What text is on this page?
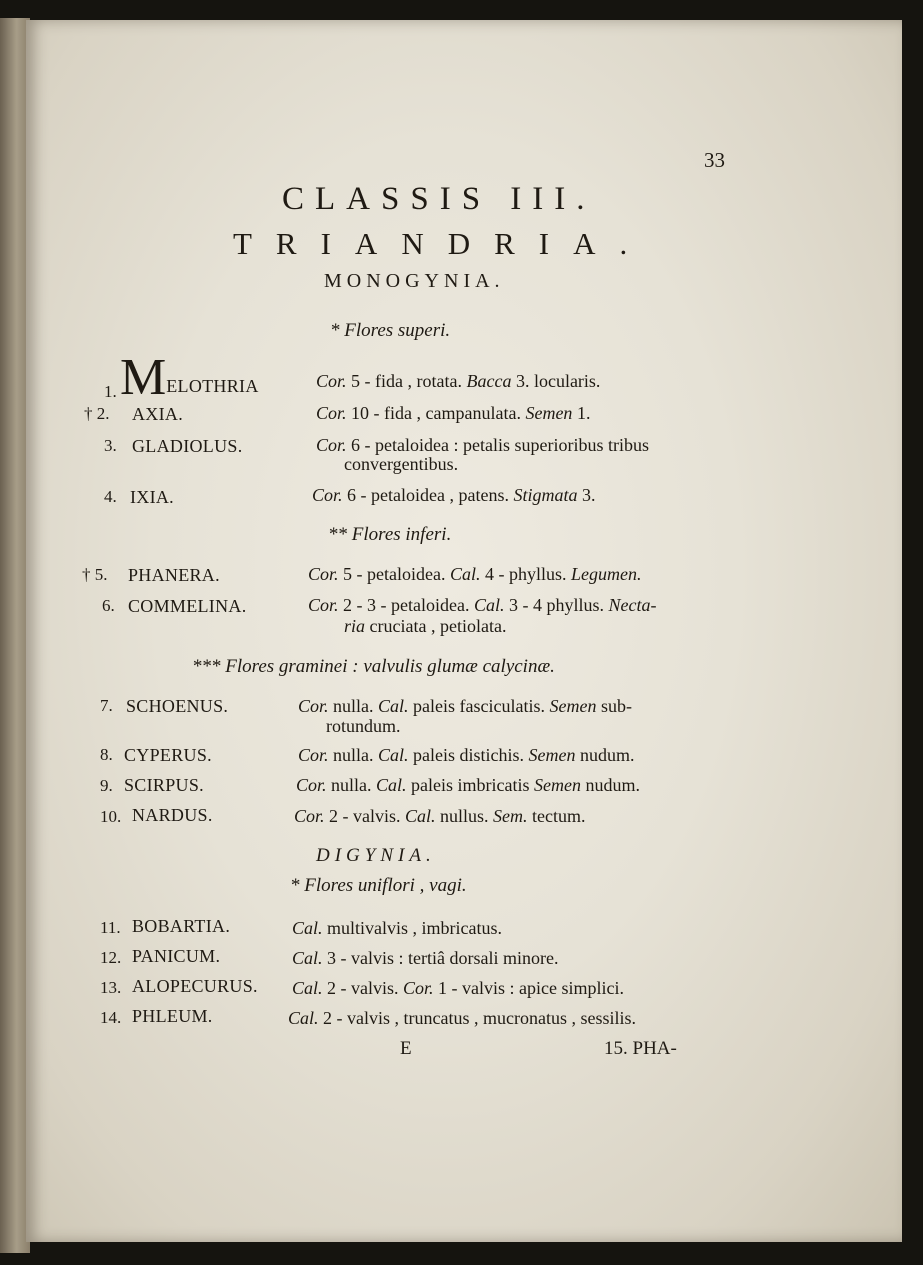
33
CLASSIS III.
TRIANDRIA.
MONOGYNIA.
* Flores superi.
1. MELOTHRIA	Cor. 5 - fida , rotata. Bacca 3. locularis.
† 2. AXIA.	Cor. 10 - fida , campanulata. Semen 1.
3. GLADIOLUS.	Cor. 6 - petaloidea : petalis superioribus tribus
convergentibus.
4. IXIA.	Cor. 6 - petaloidea , patens. Stigmata 3.
** Flores inferi.
† 5. PHANERA.	Cor. 5 - petaloidea. Cal. 4 - phyllus. Legumen.
6. COMMELINA.	Cor. 2 - 3 - petaloidea. Cal. 3 - 4 phyllus. Necta-
ria cruciata , petiolata.
*** Flores graminei : valvulis glumæ calycinæ.
7. SCHOENUS.	Cor. nulla. Cal. paleis fasciculatis. Semen sub-
rotundum.
8. CYPERUS.	Cor. nulla. Cal. paleis distichis. Semen nudum.
9. SCIRPUS.	Cor. nulla. Cal. paleis imbricatis Semen nudum.
10. NARDUS.	Cor. 2 - valvis. Cal. nullus. Sem. tectum.
DIGYNIA.
* Flores uniflori , vagi.
11. BOBARTIA.	Cal. multivalvis , imbricatus.
12. PANICUM.	Cal. 3 - valvis : tertiâ dorsali minore.
13. ALOPECURUS. Cal. 2 - valvis. Cor. 1 - valvis : apice simplici.
14. PHLEUM.	Cal. 2 - valvis , truncatus , mucronatus , sessilis.
E	15. PHA-
